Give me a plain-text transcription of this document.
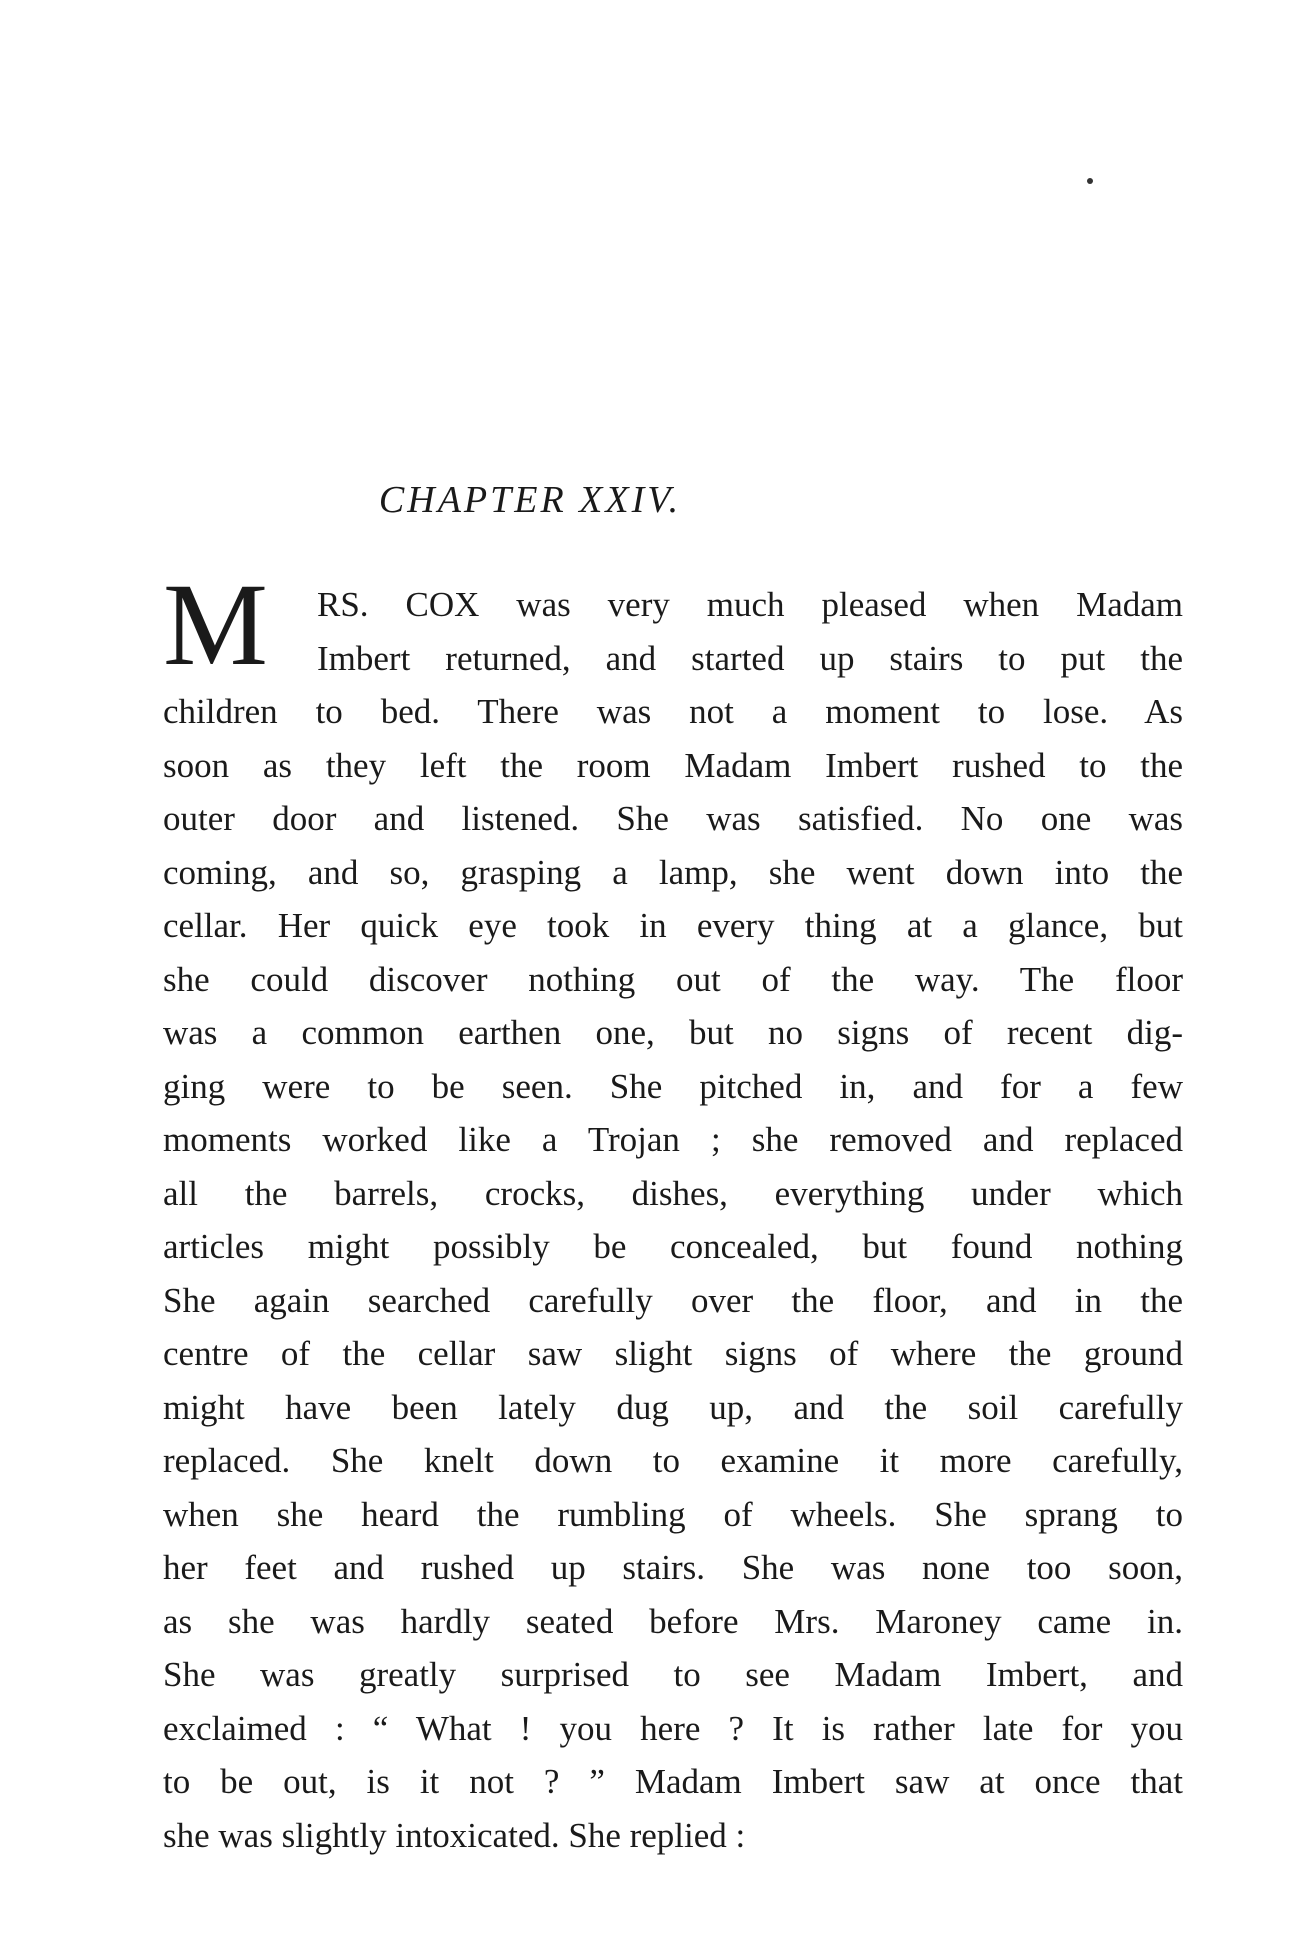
CHAPTER XXIV.
M	RS. COX was very much pleased when Madam
Imbert returned, and started up stairs to put the
children to bed. There was not a moment to lose. As
soon as they left the room Madam Imbert rushed to the
outer door and listened. She was satisfied. No one was
coming, and so, grasping a lamp, she went down into the
cellar. Her quick eye took in every thing at a glance, but
she could discover nothing out of the way. The floor
was a common earthen one, but no signs of recent dig-
ging were to be seen. She pitched in, and for a few
moments worked like a Trojan ; she removed and replaced
all the barrels, crocks, dishes, everything under which
articles might possibly be concealed, but found nothing
She again searched carefully over the floor, and in the
centre of the cellar saw slight signs of where the ground
might have been lately dug up, and the soil carefully
replaced. She knelt down to examine it more carefully,
when she heard the rumbling of wheels. She sprang to
her feet and rushed up stairs. She was none too soon,
as she was hardly seated before Mrs. Maroney came in.
She was greatly surprised to see Madam Imbert, and
exclaimed : “ What ! you here ? It is rather late for you
to be out, is it not ? ” Madam Imbert saw at once that
she was slightly intoxicated. She replied :
